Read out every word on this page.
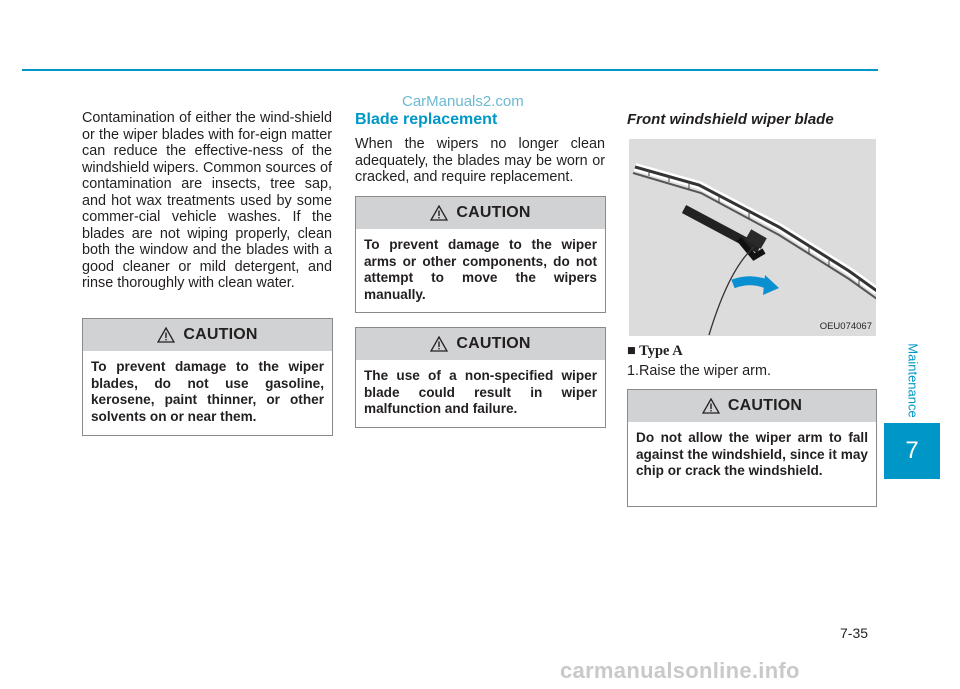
CarManuals2.com

Contamination of either the wind-shield or the wiper blades with for-eign matter can reduce the effective-ness of the windshield wipers. Common sources of contamination are insects, tree sap, and hot wax treatments used by some commer-cial vehicle washes. If the blades are not wiping properly, clean both the window and the blades with a good cleaner or mild detergent, and rinse thoroughly with clean water.

CAUTION

To prevent damage to the wiper blades, do not use gasoline, kerosene, paint thinner, or other solvents on or near them.

Blade replacement

When the wipers no longer clean adequately, the blades may be worn or cracked, and require replacement.

CAUTION

To prevent damage to the wiper arms or other components, do not attempt to move the wipers manually.

CAUTION

The use of a non-specified wiper blade could result in wiper malfunction and failure.

Front windshield wiper blade

OEU074067
■ Type A
1.Raise the wiper arm.
CAUTION

Do not allow the wiper arm to fall against the windshield, since it may chip or crack the windshield.

Maintenance
7
7-35
carmanualsonline.info
